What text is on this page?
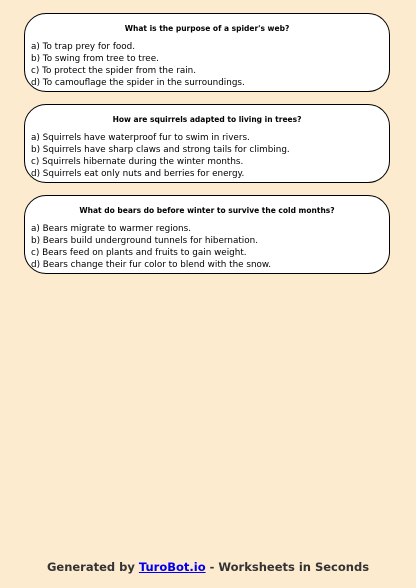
What is the purpose of a spider's web?
a) To trap prey for food.
b) To swing from tree to tree.
c) To protect the spider from the rain.
d) To camouflage the spider in the surroundings.
How are squirrels adapted to living in trees?
a) Squirrels have waterproof fur to swim in rivers.
b) Squirrels have sharp claws and strong tails for climbing.
c) Squirrels hibernate during the winter months.
d) Squirrels eat only nuts and berries for energy.
What do bears do before winter to survive the cold months?
a) Bears migrate to warmer regions.
b) Bears build underground tunnels for hibernation.
c) Bears feed on plants and fruits to gain weight.
d) Bears change their fur color to blend with the snow.
Generated by TuroBot.io - Worksheets in Seconds
